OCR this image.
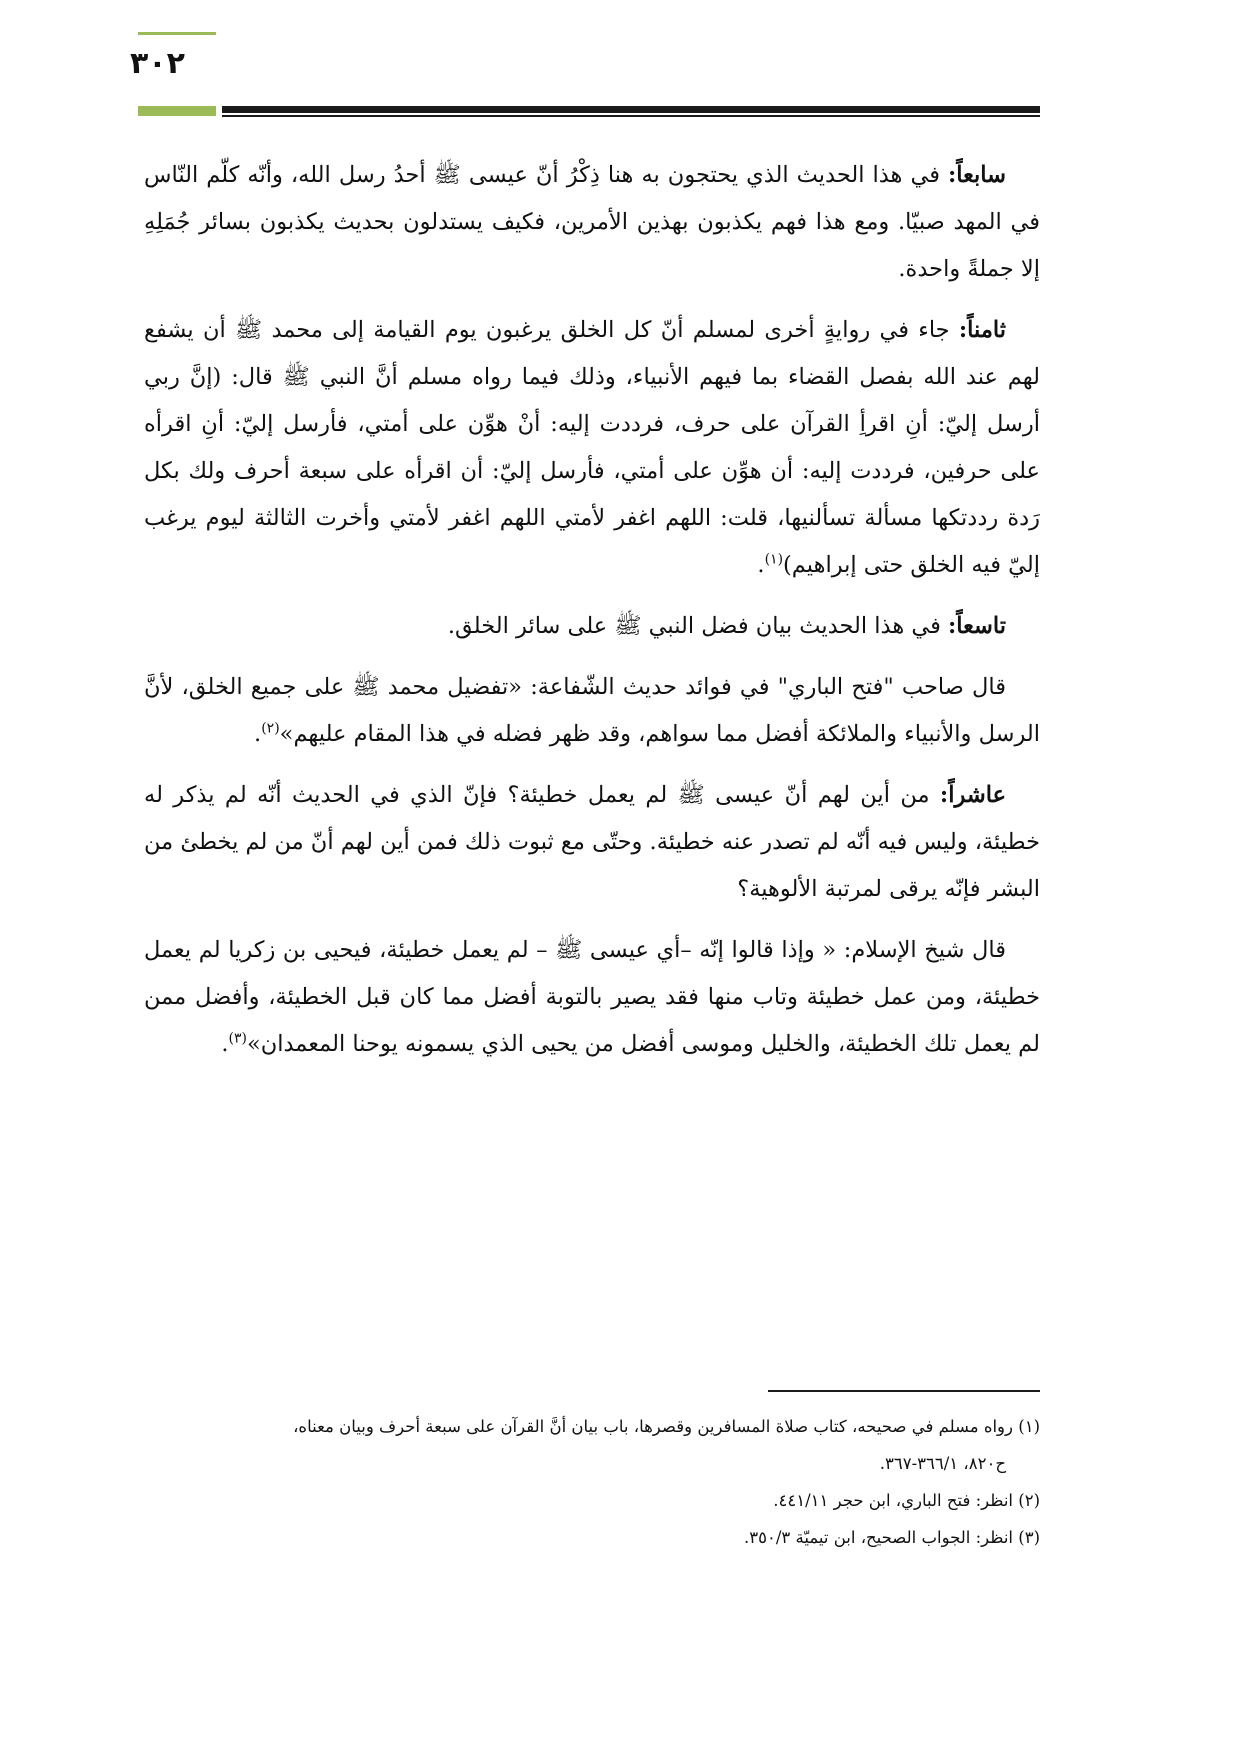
٣٠٢

سابعاً: في هذا الحديث الذي يحتجون به هنا ذِكْرُ أنّ عيسى ﷺ أحدُ رسل الله، وأنّه كلّم النّاس في المهد صبيّا. ومع هذا فهم يكذبون بهذين الأمرين، فكيف يستدلون بحديث يكذبون بسائر جُمَلِهِ إلا جملةً واحدة.

ثامناً: جاء في روايةٍ أخرى لمسلم أنّ كل الخلق يرغبون يوم القيامة إلى محمد ﷺ أن يشفع لهم عند الله بفصل القضاء بما فيهم الأنبياء، وذلك فيما رواه مسلم أنَّ النبي ﷺ قال: (إنَّ ربي أرسل إليّ: أنِ اقرأِ القرآن على حرف، فرددت إليه: أنْ هوِّن على أمتي، فأرسل إليّ: أنِ اقرأه على حرفين، فرددت إليه: أن هوِّن على أمتي، فأرسل إليّ: أن اقرأه على سبعة أحرف ولك بكل رَدة رددتكها مسألة تسألنيها، قلت: اللهم اغفر لأمتي اللهم اغفر لأمتي وأخرت الثالثة ليوم يرغب إليّ فيه الخلق حتى إبراهيم)$^{(١)}$.

تاسعاً: في هذا الحديث بيان فضل النبي ﷺ على سائر الخلق.

قال صاحب "فتح الباري" في فوائد حديث الشّفاعة: «تفضيل محمد ﷺ على جميع الخلق، لأنَّ الرسل والأنبياء والملائكة أفضل مما سواهم، وقد ظهر فضله في هذا المقام عليهم»$^{(٢)}$.

عاشراً: من أين لهم أنّ عيسى ﷺ لم يعمل خطيئة؟ فإنّ الذي في الحديث أنّه لم يذكر له خطيئة، وليس فيه أنّه لم تصدر عنه خطيئة. وحتّى مع ثبوت ذلك فمن أين لهم أنّ من لم يخطئ من البشر فإنّه يرقى لمرتبة الألوهية؟

قال شيخ الإسلام: « وإذا قالوا إنّه –أي عيسى ﷺ – لم يعمل خطيئة، فيحيى بن زكريا لم يعمل خطيئة، ومن عمل خطيئة وتاب منها فقد يصير بالتوبة أفضل مما كان قبل الخطيئة، وأفضل ممن لم يعمل تلك الخطيئة، والخليل وموسى أفضل من يحيى الذي يسمونه يوحنا المعمدان»$^{(٣)}$.

(١) رواه مسلم في صحيحه، كتاب صلاة المسافرين وقصرها، باب بيان أنَّ القرآن على سبعة أحرف وبيان معناه،

ح٨٢٠، ٣٦٦/١-٣٦٧.

(٢) انظر: فتح الباري، ابن حجر ٤٤١/١١.

(٣) انظر: الجواب الصحيح، ابن تيميّة ٣٥٠/٣.
